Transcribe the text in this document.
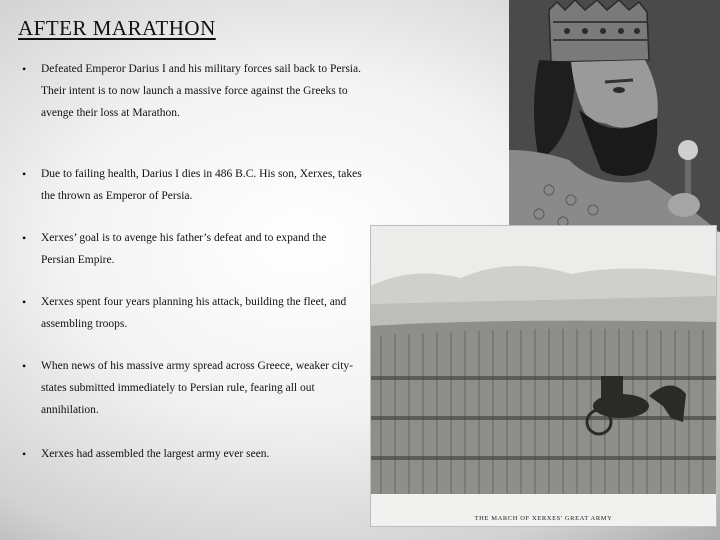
AFTER MARATHON
• Defeated Emperor Darius I and his military forces sail back to Persia. Their intent is to now launch a massive force against the Greeks to avenge their loss at Marathon.
• Due to failing health, Darius I dies in 486 B.C. His son, Xerxes, takes the thrown as Emperor of Persia.
• Xerxes’ goal is to avenge his father’s defeat and to expand the Persian Empire.
• Xerxes spent four years planning his attack, building the fleet, and assembling troops.
• When news of his massive army spread across Greece, weaker city-states submitted immediately to Persian rule, fearing all out annihilation.
• Xerxes had assembled the largest army ever seen.
THE MARCH OF XERXES' GREAT ARMY
